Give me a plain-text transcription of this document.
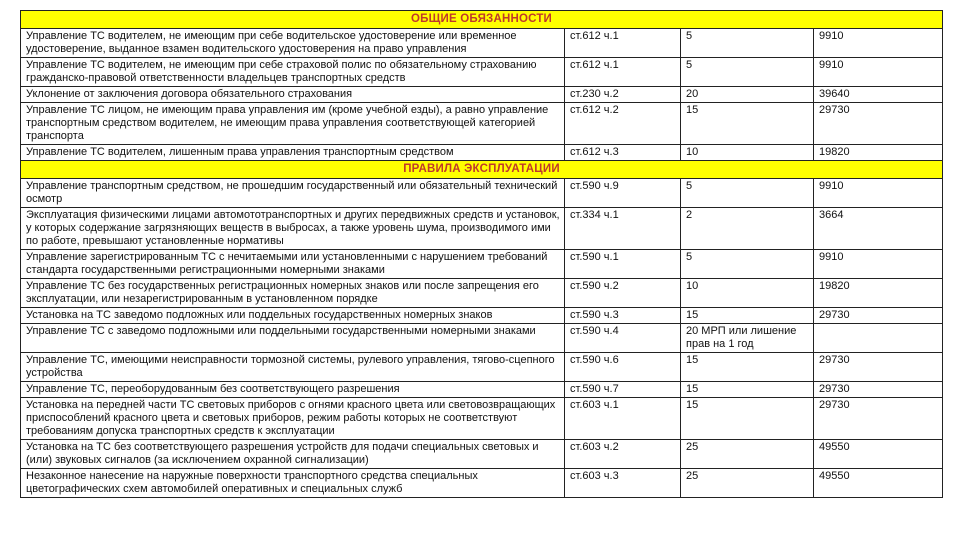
ОБЩИЕ ОБЯЗАННОСТИ			
Управление ТС водителем, не имеющим при себе водительское удостоверение или временное удостоверение, выданное взамен водительского удостоверения на право управления	ст.612 ч.1	5	9910
Управление ТС водителем, не имеющим при себе страховой полис по обязательному страхованию гражданско-правовой ответственности владельцев транспортных средств	ст.612 ч.1	5	9910
Уклонение от заключения договора обязательного страхования	ст.230 ч.2	20	39640
Управление ТС лицом, не имеющим права управления им (кроме учебной езды), а равно управление транспортным средством водителем, не имеющим права управления соответствующей категорией транспорта	ст.612 ч.2	15	29730
Управление ТС водителем, лишенным права управления транспортным средством	ст.612 ч.3	10	19820
ПРАВИЛА ЭКСПЛУАТАЦИИ			
Управление транспортным средством, не прошедшим государственный или обязательный технический осмотр	ст.590 ч.9	5	9910
Эксплуатация физическими лицами автомототранспортных и других передвижных средств и установок, у которых содержание загрязняющих веществ в выбросах, а также уровень шума, производимого ими по работе, превышают установленные нормативы	ст.334 ч.1	2	3664
Управление зарегистрированным ТС с нечитаемыми или установленными с нарушением требований стандарта государственными регистрационными номерными знаками	ст.590 ч.1	5	9910
Управление ТС без государственных регистрационных номерных знаков или после запрещения его эксплуатации, или незарегистрированным в установленном порядке	ст.590 ч.2	10	19820
Установка на ТС заведомо подложных или поддельных государственных номерных знаков	ст.590 ч.3	15	29730
Управление ТС с заведомо подложными или поддельными государственными номерными знаками	ст.590 ч.4	20 МРП или лишение прав на 1 год	
Управление ТС, имеющими неисправности тормозной системы, рулевого управления, тягово-сцепного устройства	ст.590 ч.6	15	29730
Управление ТС, переоборудованным без соответствующего разрешения	ст.590 ч.7	15	29730
Установка на передней части ТС световых приборов с огнями красного цвета или световозвращающих приспособлений красного цвета и световых приборов, режим работы которых не соответствуют требованиям допуска транспортных средств к эксплуатации	ст.603 ч.1	15	29730
Установка на ТС без соответствующего разрешения устройств для подачи специальных световых и (или) звуковых сигналов (за исключением охранной сигнализации)	ст.603 ч.2	25	49550
Незаконное нанесение на наружные поверхности транспортного средства специальных цветографических схем автомобилей оперативных и специальных служб	ст.603 ч.3	25	49550
